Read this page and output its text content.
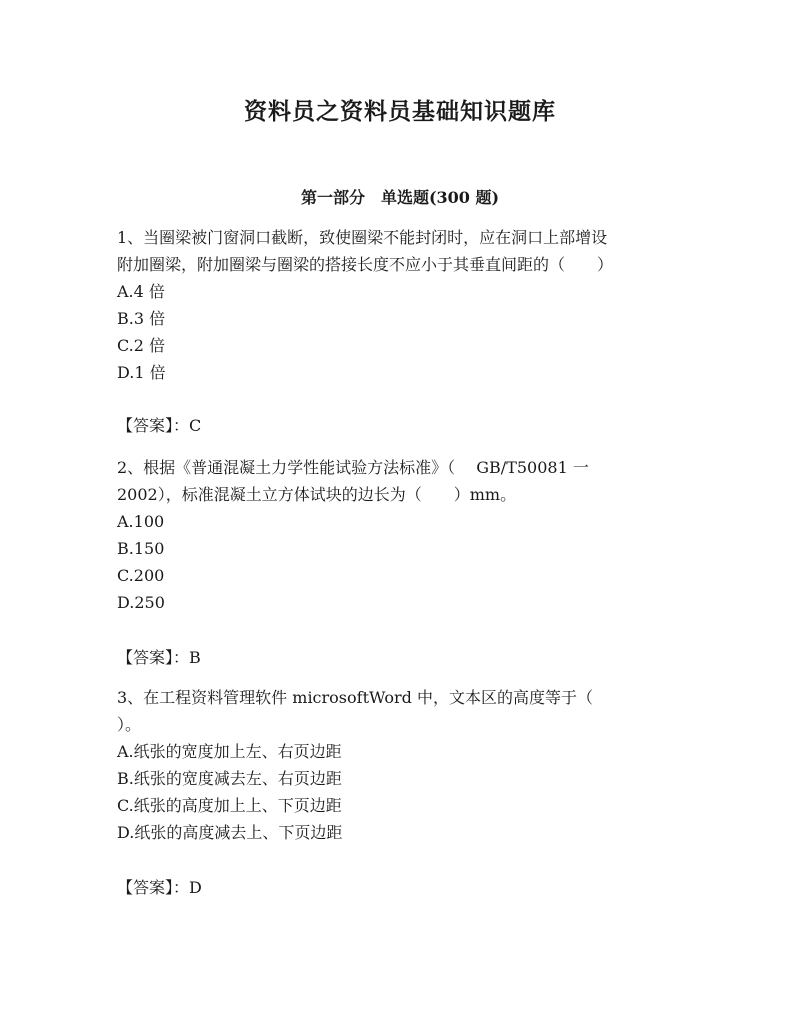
资料员之资料员基础知识题库
第一部分　单选题(300 题)

1、当圈梁被门窗洞口截断，致使圈梁不能封闭时，应在洞口上部增设

附加圈梁，附加圈梁与圈梁的搭接长度不应小于其垂直间距的（　　）

A.4 倍

B.3 倍

C.2 倍

D.1 倍

【答案】：C

2、根据《普通混凝土力学性能试验方法标准》（　 GB/T50081 一

2002），标准混凝土立方体试块的边长为（　　）mm。

A.100

B.150

C.200

D.250

【答案】：B

3、在工程资料管理软件 microsoftWord 中，文本区的高度等于（

）。

A.纸张的宽度加上左、右页边距

B.纸张的宽度减去左、右页边距

C.纸张的高度加上上、下页边距

D.纸张的高度减去上、下页边距

【答案】：D
